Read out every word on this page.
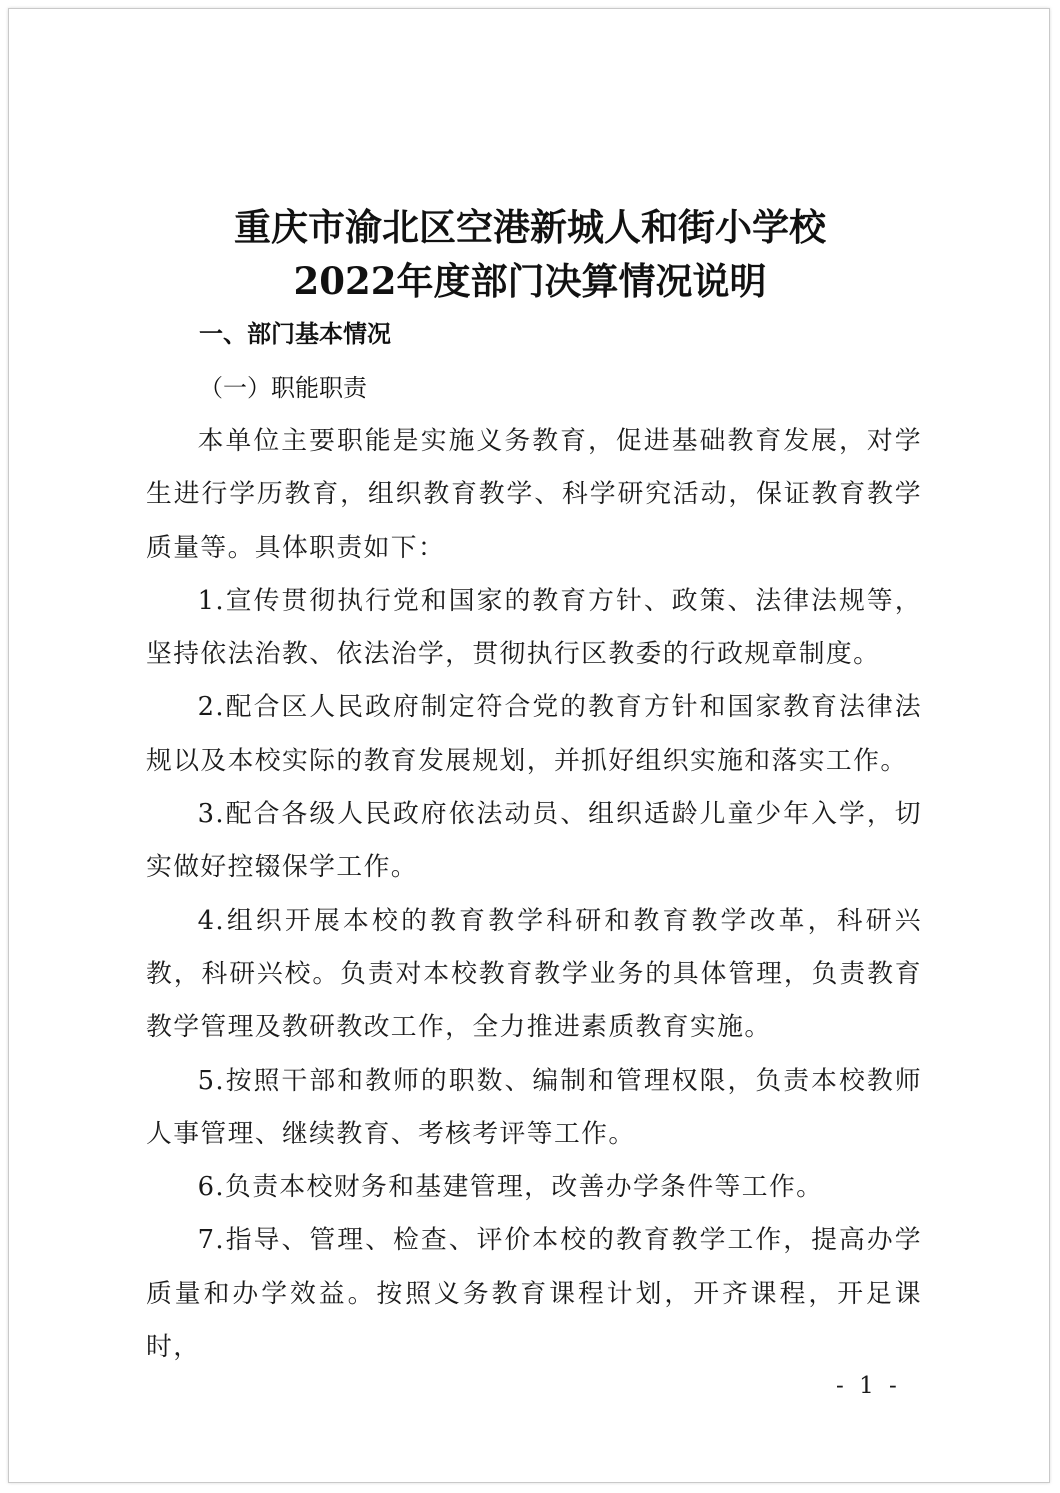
重庆市渝北区空港新城人和街小学校
2022年度部门决算情况说明
一、部门基本情况
（一）职能职责

本单位主要职能是实施义务教育，促进基础教育发展，对学生进行学历教育，组织教育教学、科学研究活动，保证教育教学质量等。具体职责如下：

1.宣传贯彻执行党和国家的教育方针、政策、法律法规等，坚持依法治教、依法治学，贯彻执行区教委的行政规章制度。

2.配合区人民政府制定符合党的教育方针和国家教育法律法规以及本校实际的教育发展规划，并抓好组织实施和落实工作。

3.配合各级人民政府依法动员、组织适龄儿童少年入学，切实做好控辍保学工作。

4.组织开展本校的教育教学科研和教育教学改革，科研兴教，科研兴校。负责对本校教育教学业务的具体管理，负责教育教学管理及教研教改工作，全力推进素质教育实施。

5.按照干部和教师的职数、编制和管理权限，负责本校教师人事管理、继续教育、考核考评等工作。

6.负责本校财务和基建管理，改善办学条件等工作。

7.指导、管理、检查、评价本校的教育教学工作，提高办学质量和办学效益。按照义务教育课程计划，开齐课程，开足课时，

- 1 -
